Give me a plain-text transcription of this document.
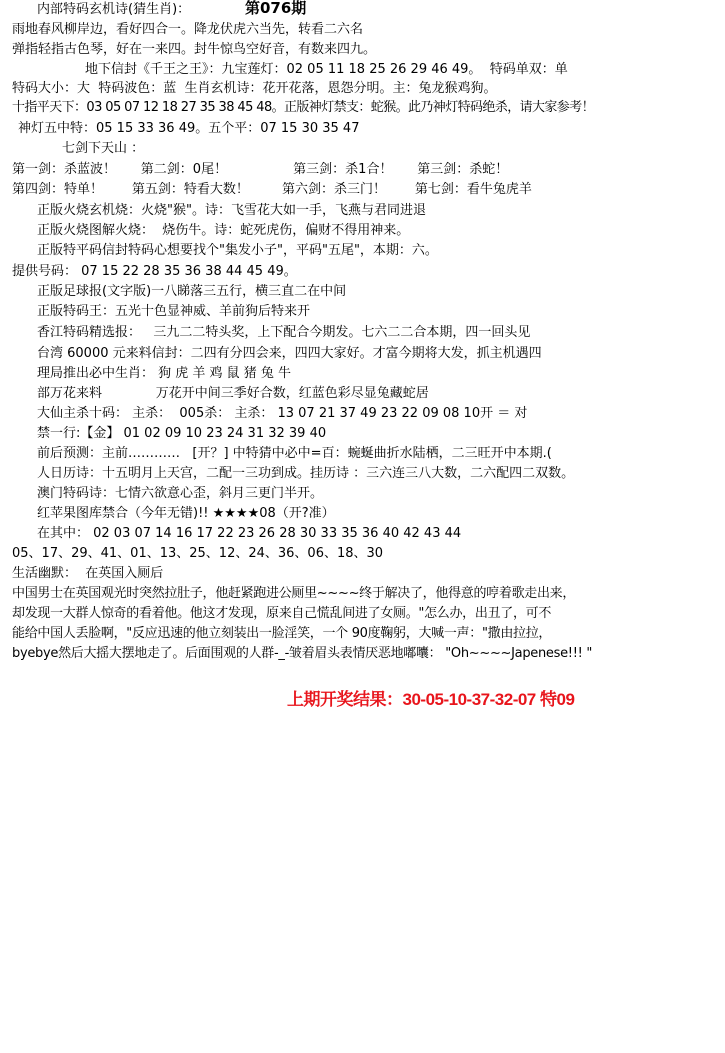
内部特码玄机诗(猜生肖)：	第076期
雨地春风柳岸边，看好四合一。降龙伏虎六当先，转看二六名
弹指轻指古色琴，好在一来四。封牛惊鸟空好音，有数来四九。
地下信封《千王之王》：九宝莲灯：02 05 11 18 25 26 29 46 49。  特码单双：单
特码大小：大  特码波色：蓝  生肖玄机诗：花开花落，恩怨分明。主：兔龙猴鸡狗。
十指平天下：03 05 07 12 18 27 35 38 45 48。正版神灯禁支：蛇猴。此乃神灯特码绝杀，请大家参考！
神灯五中特：05 15 33 36 49。五个平：07 15 30 35 47
七剑下天山 ：
第一剑：杀蓝波！      第二剑：0尾！                第三剑：杀1合！      第三剑：杀蛇！
第四剑：特单！       第五剑：特看大数！        第六剑：杀三门！       第七剑：看牛兔虎羊
正版火烧玄机烧：火烧"猴"。诗：飞雪花大如一手，飞燕与君同进退
正版火烧图解火烧：  烧伤牛。诗：蛇死虎伤，偏财不得用神来。
正版特平码信封特码心想要找个"集发小子"，平码"五尾"，本期：六。
提供号码： 07 15 22 28 35 36 38 44 45 49。
正版足球报(文字版)一八睇落三五行，横三直二在中间
正版特码王：五光十色显神威、羊前狗后特来开
香江特码精选报：   三九二二特头奖，上下配合今期发。七六二二合本期，四一回头见
台湾 60000 元来料信封：二四有分四会来，四四大家好。才富今期将大发，抓主机遇四
理局推出必中生肖： 狗 虎 羊 鸡 鼠 猪 兔 牛
部万花来料             万花开中间三季好合数，红蓝色彩尽显兔藏蛇居
大仙主杀十码： 主杀：  005杀： 主杀： 13 07 21 37 49 23 22 09 08 10开 ＝ 对
禁一行:【金】 01 02 09 10 23 24 31 32 39 40
前后预测：主前…………   [开？] 中特猜中必中=百：蜿蜒曲折水陆栖，二三旺开中本期.(
人日历诗：十五明月上天宫，二配一三功到成。挂历诗 ：三六连三八大数，二六配四二双数。
澳门特码诗：七情六欲意心歪，斜月三更门半开。
红苹果图库禁合（今年无错)!! ★★★★08（开?准）
在其中： 02 03 07 14 16 17 22 23 26 28 30 33 35 36 40 42 43 44
05、17、29、41、01、13、25、12、24、36、06、18、30
生活幽默：  在英国入厕后
中国男士在英国观光时突然拉肚子，他赶紧跑进公厕里~~~~终于解决了，他得意的哼着歌走出来，
却发现一大群人惊奇的看着他。他这才发现，原来自己慌乱间进了女厕。"怎么办，出丑了，可不
能给中国人丢脸啊，"反应迅速的他立刻装出一脸淫笑，一个 90度鞠躬，大喊一声："撒由拉拉，
byebye然后大摇大摆地走了。后面围观的人群-_-皱着眉头表情厌恶地嘟囔： "Oh~~~~Japenese!!! "
上期开奖结果：30-05-10-37-32-07 特09
